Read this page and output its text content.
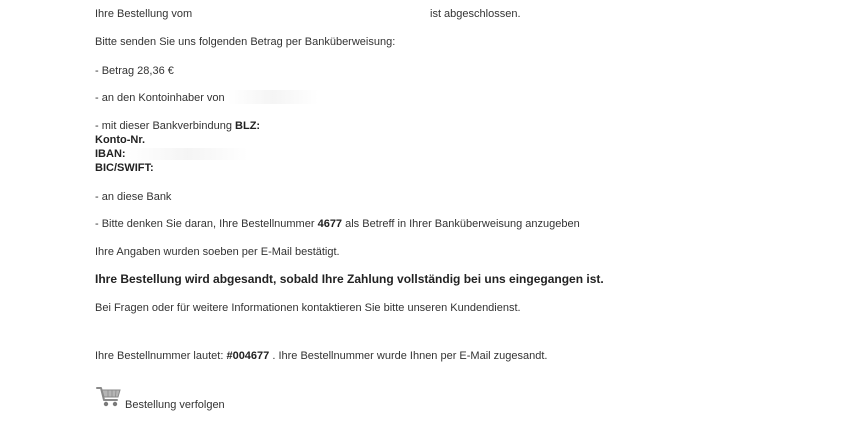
Ihre Bestellung vom	ist abgeschlossen.
Bitte senden Sie uns folgenden Betrag per Banküberweisung:
- Betrag 28,36 €
- an den Kontoinhaber von
- mit dieser Bankverbindung BLZ:
Konto-Nr.
IBAN:
BIC/SWIFT:
- an diese Bank
- Bitte denken Sie daran, Ihre Bestellnummer 4677 als Betreff in Ihrer Banküberweisung anzugeben
Ihre Angaben wurden soeben per E-Mail bestätigt.
Ihre Bestellung wird abgesandt, sobald Ihre Zahlung vollständig bei uns eingegangen ist.
Bei Fragen oder für weitere Informationen kontaktieren Sie bitte unseren Kundendienst.
Ihre Bestellnummer lautet: #004677 . Ihre Bestellnummer wurde Ihnen per E-Mail zugesandt.
Bestellung verfolgen
